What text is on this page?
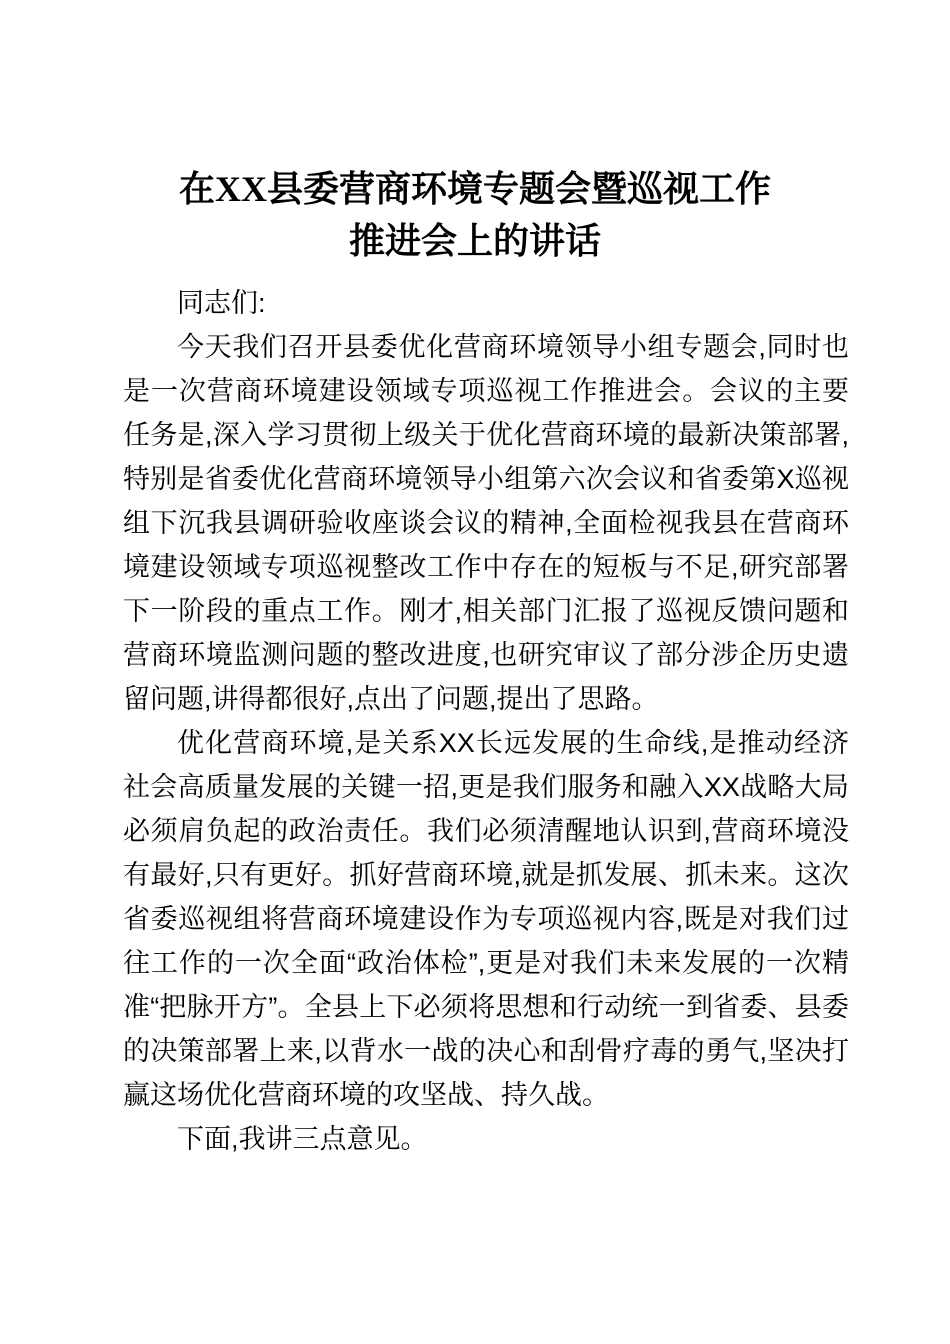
在XX县委营商环境专题会暨巡视工作推进会上的讲话

同志们:

今天我们召开县委优化营商环境领导小组专题会,同时也是一次营商环境建设领域专项巡视工作推进会。会议的主要任务是,深入学习贯彻上级关于优化营商环境的最新决策部署,特别是省委优化营商环境领导小组第六次会议和省委第X巡视组下沉我县调研验收座谈会议的精神,全面检视我县在营商环境建设领域专项巡视整改工作中存在的短板与不足,研究部署下一阶段的重点工作。刚才,相关部门汇报了巡视反馈问题和营商环境监测问题的整改进度,也研究审议了部分涉企历史遗留问题,讲得都很好,点出了问题,提出了思路。

优化营商环境,是关系XX长远发展的生命线,是推动经济社会高质量发展的关键一招,更是我们服务和融入XX战略大局必须肩负起的政治责任。我们必须清醒地认识到,营商环境没有最好,只有更好。抓好营商环境,就是抓发展、抓未来。这次省委巡视组将营商环境建设作为专项巡视内容,既是对我们过往工作的一次全面“政治体检”,更是对我们未来发展的一次精准“把脉开方”。全县上下必须将思想和行动统一到省委、县委的决策部署上来,以背水一战的决心和刮骨疗毒的勇气,坚决打赢这场优化营商环境的攻坚战、持久战。

下面,我讲三点意见。
